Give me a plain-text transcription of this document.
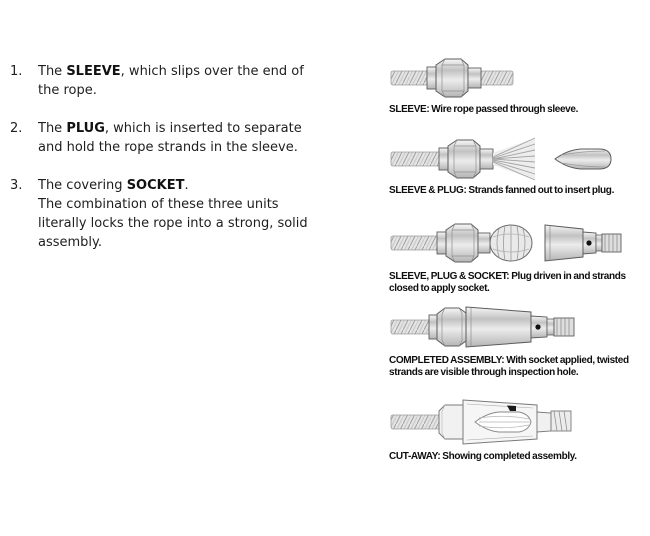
1.	The SLEEVE, which slips over the end of the rope.
2.	The PLUG, which is inserted to separate and hold the rope strands in the sleeve.
3.	The covering SOCKET.
The combination of these three units literally locks the rope into a strong, solid assembly.
SLEEVE: Wire rope passed through sleeve.
SLEEVE & PLUG: Strands fanned out to insert plug.
SLEEVE, PLUG & SOCKET: Plug driven in and strands closed to apply socket.
COMPLETED ASSEMBLY: With socket applied, twisted strands are visible through inspection hole.
CUT-AWAY: Showing completed assembly.
